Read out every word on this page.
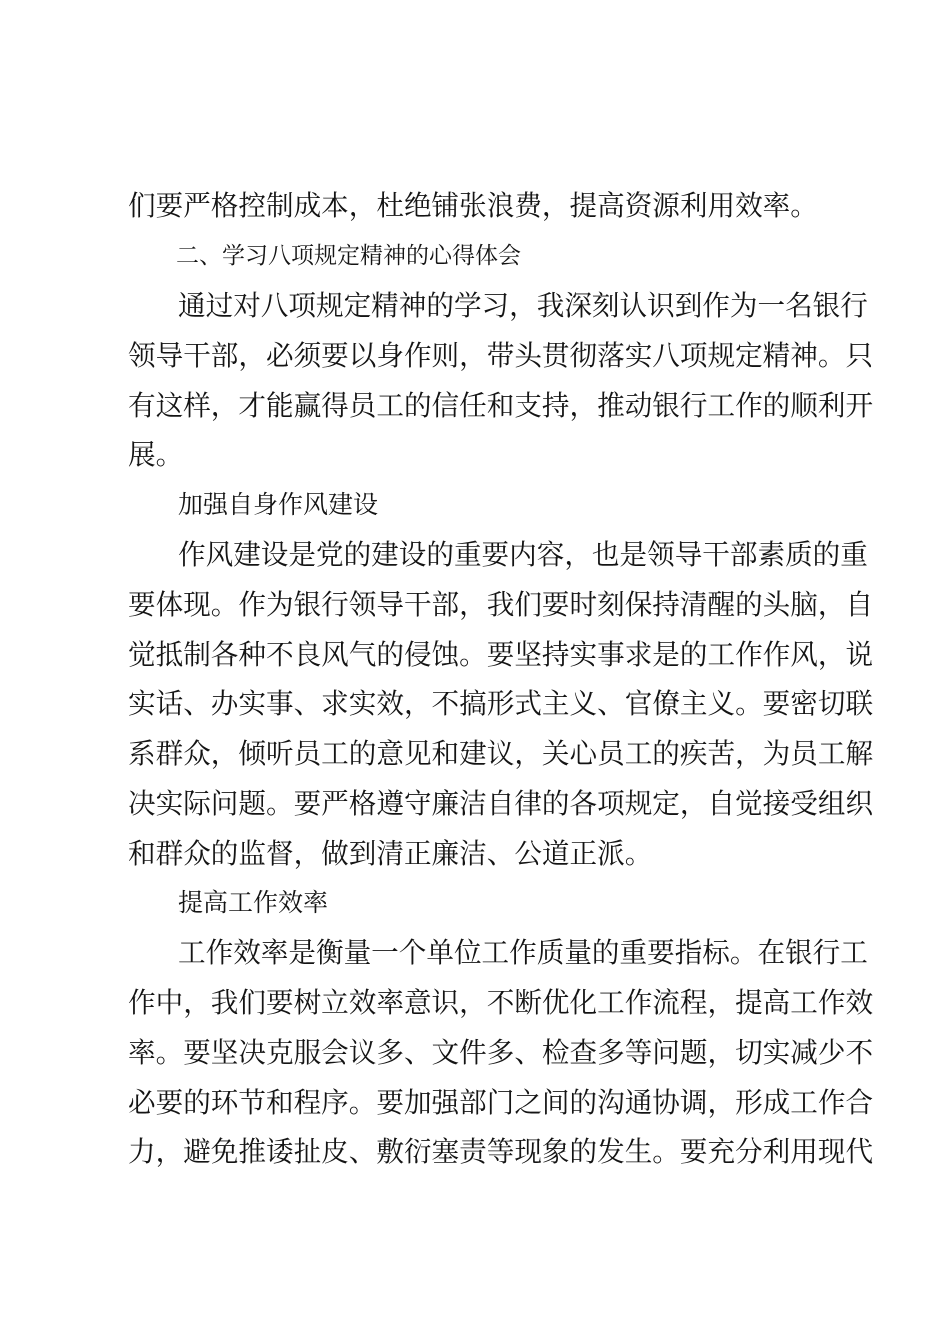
们要严格控制成本，杜绝铺张浪费，提高资源利用效率。
二、学习八项规定精神的心得体会
通过对八项规定精神的学习，我深刻认识到作为一名银行
领导干部，必须要以身作则，带头贯彻落实八项规定精神。只
有这样，才能赢得员工的信任和支持，推动银行工作的顺利开
展。
加强自身作风建设
作风建设是党的建设的重要内容，也是领导干部素质的重
要体现。作为银行领导干部，我们要时刻保持清醒的头脑，自
觉抵制各种不良风气的侵蚀。要坚持实事求是的工作作风，说
实话、办实事、求实效，不搞形式主义、官僚主义。要密切联
系群众，倾听员工的意见和建议，关心员工的疾苦，为员工解
决实际问题。要严格遵守廉洁自律的各项规定，自觉接受组织
和群众的监督，做到清正廉洁、公道正派。
提高工作效率
工作效率是衡量一个单位工作质量的重要指标。在银行工
作中，我们要树立效率意识，不断优化工作流程，提高工作效
率。要坚决克服会议多、文件多、检查多等问题，切实减少不
必要的环节和程序。要加强部门之间的沟通协调，形成工作合
力，避免推诿扯皮、敷衍塞责等现象的发生。要充分利用现代
